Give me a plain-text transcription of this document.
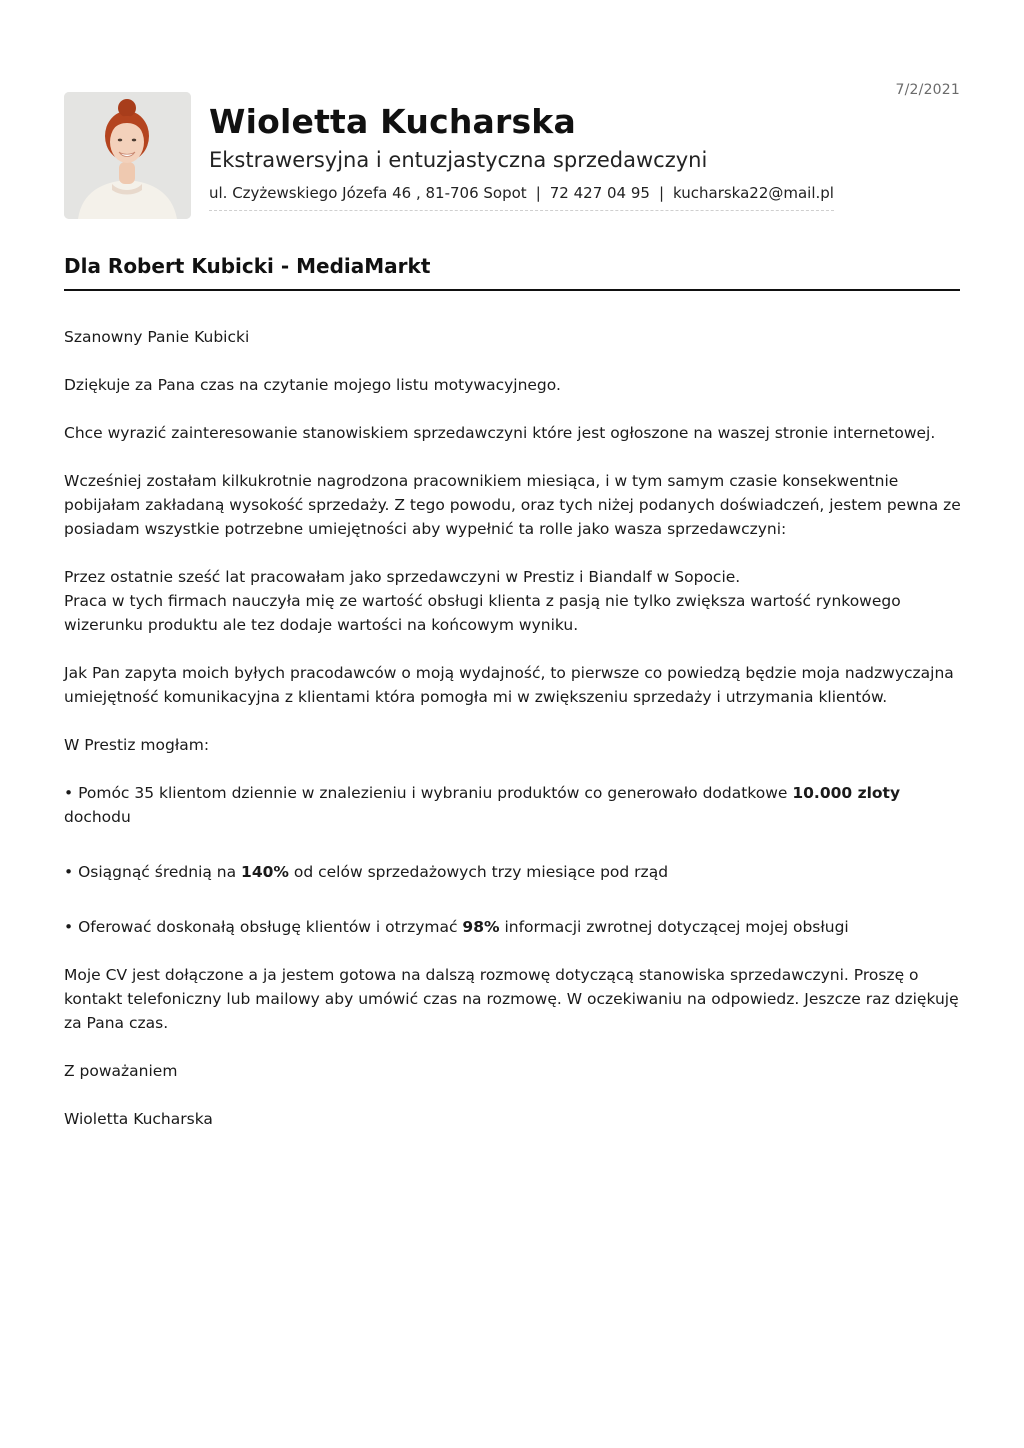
7/2/2021
Wioletta Kucharska
Ekstrawersyjna i entuzjastyczna sprzedawczyni
ul. Czyżewskiego Józefa 46 , 81-706 Sopot | 72 427 04 95 | kucharska22@mail.pl
Dla Robert Kubicki - MediaMarkt

Szanowny Panie Kubicki

Dziękuje za Pana czas na czytanie mojego listu motywacyjnego.

Chce wyrazić zainteresowanie stanowiskiem sprzedawczyni które jest ogłoszone na waszej stronie internetowej.

Wcześniej zostałam kilkukrotnie nagrodzona pracownikiem miesiąca, i w tym samym czasie konsekwentnie pobijałam zakładaną wysokość sprzedaży. Z tego powodu, oraz tych niżej podanych doświadczeń, jestem pewna ze posiadam wszystkie potrzebne umiejętności aby wypełnić ta rolle jako wasza sprzedawczyni:

Przez ostatnie sześć lat pracowałam jako sprzedawczyni w Prestiz i Biandalf w Sopocie.

Praca w tych firmach nauczyła mię ze wartość obsługi klienta z pasją nie tylko zwiększa wartość rynkowego wizerunku produktu ale tez dodaje wartości na końcowym wyniku.

Jak Pan zapyta moich byłych pracodawców o moją wydajność, to pierwsze co powiedzą będzie moja nadzwyczajna umiejętność komunikacyjna z klientami która pomogła mi w zwiększeniu sprzedaży i utrzymania klientów.

W Prestiz mogłam:

• Pomóc 35 klientom dziennie w znalezieniu i wybraniu produktów co generowało dodatkowe 10.000 zloty dochodu
• Osiągnąć średnią na 140% od celów sprzedażowych trzy miesiące pod rząd
• Oferować doskonałą obsługę klientów i otrzymać 98% informacji zwrotnej dotyczącej mojej obsługi

Moje CV jest dołączone a ja jestem gotowa na dalszą rozmowę dotyczącą stanowiska sprzedawczyni. Proszę o kontakt telefoniczny lub mailowy aby umówić czas na rozmowę. W oczekiwaniu na odpowiedz. Jeszcze raz dziękuję za Pana czas.

Z poważaniem

Wioletta Kucharska
